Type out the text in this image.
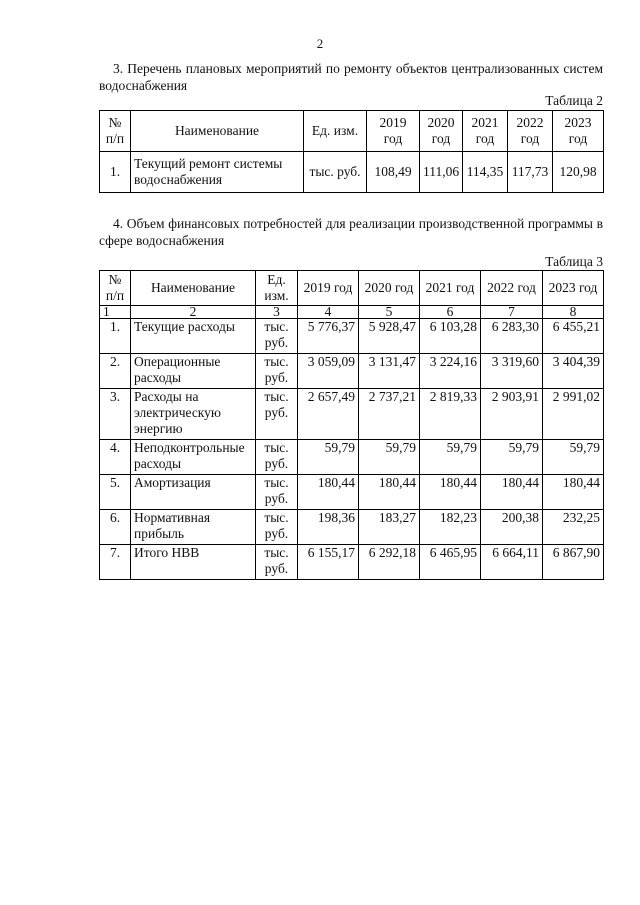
2
3. Перечень плановых мероприятий по ремонту объектов централизованных систем водоснабжения
Таблица 2
№ п/п	Наименование	Ед. изм.	2019 год	2020 год	2021 год	2022 год	2023 год
1.	Текущий ремонт системы водоснабжения	тыс. руб.	108,49	111,06	114,35	117,73	120,98
4. Объем финансовых потребностей для реализации производственной программы в сфере водоснабжения
Таблица 3
№ п/п	Наименование	Ед. изм.	2019 год	2020 год	2021 год	2022 год	2023 год
1	2	3	4	5	6	7	8
1.	Текущие расходы	тыс. руб.	5 776,37	5 928,47	6 103,28	6 283,30	6 455,21
2.	Операционные расходы	тыс. руб.	3 059,09	3 131,47	3 224,16	3 319,60	3 404,39
3.	Расходы на электрическую энергию	тыс. руб.	2 657,49	2 737,21	2 819,33	2 903,91	2 991,02
4.	Неподконтрольные расходы	тыс. руб.	59,79	59,79	59,79	59,79	59,79
5.	Амортизация	тыс. руб.	180,44	180,44	180,44	180,44	180,44
6.	Нормативная прибыль	тыс. руб.	198,36	183,27	182,23	200,38	232,25
7.	Итого НВВ	тыс. руб.	6 155,17	6 292,18	6 465,95	6 664,11	6 867,90
